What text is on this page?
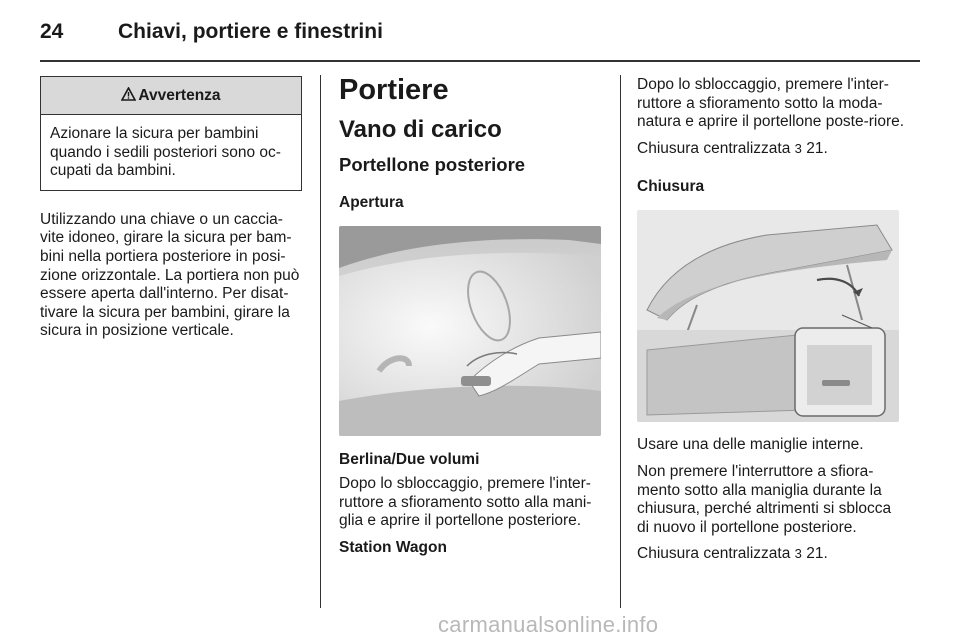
24	Chiavi, portiere e finestrini
Avvertenza
Azionare la sicura per bambini quando i sedili posteriori sono oc-cupati da bambini.

Utilizzando una chiave o un caccia-vite idoneo, girare la sicura per bam-bini nella portiera posteriore in posi-zione orizzontale. La portiera non può essere aperta dall'interno. Per disat-tivare la sicura per bambini, girare la sicura in posizione verticale.

Portiere
Vano di carico
Portellone posteriore
Apertura
Berlina/Due volumi

Dopo lo sbloccaggio, premere l'inter-ruttore a sfioramento sotto alla mani-glia e aprire il portellone posteriore.

Station Wagon

Dopo lo sbloccaggio, premere l'inter-ruttore a sfioramento sotto la moda-natura e aprire il portellone poste-riore.

Chiusura centralizzata 3 21.

Chiusura

Usare una delle maniglie interne.

Non premere l'interruttore a sfiora-mento sotto alla maniglia durante la chiusura, perché altrimenti si sblocca di nuovo il portellone posteriore.

Chiusura centralizzata 3 21.

carmanualsonline.info
